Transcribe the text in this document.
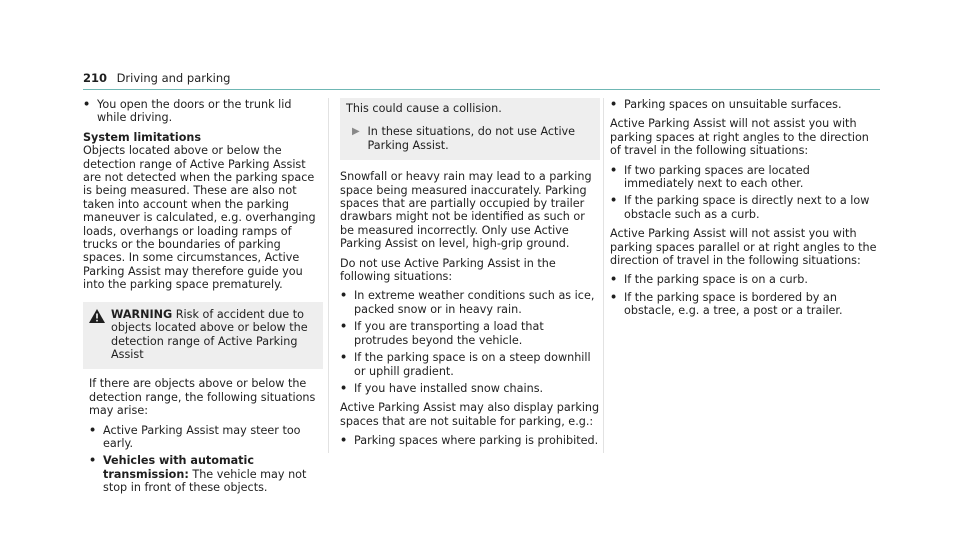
210 Driving and parking
• You open the doors or the trunk lid while driving.
System limitations

Objects located above or below the detection range of Active Parking Assist are not detected when the parking space is being measured. These are also not taken into account when the parking maneuver is calculated, e.g. overhanging loads, overhangs or loading ramps of trucks or the boundaries of parking spaces. In some circumstances, Active Parking Assist may therefore guide you into the parking space prematurely.

WARNING Risk of accident due to objects located above or below the detection range of Active Parking Assist

If there are objects above or below the detection range, the following situations may arise:

• Active Parking Assist may steer too early.
• Vehicles with automatic transmission: The vehicle may not stop in front of these objects.
This could cause a collision.
▶ In these situations, do not use Active Parking Assist.

Snowfall or heavy rain may lead to a parking space being measured inaccurately. Parking spaces that are partially occupied by trailer drawbars might not be identified as such or be measured incorrectly. Only use Active Parking Assist on level, high-grip ground.

Do not use Active Parking Assist in the following situations:

• In extreme weather conditions such as ice, packed snow or in heavy rain.
• If you are transporting a load that protrudes beyond the vehicle.
• If the parking space is on a steep downhill or uphill gradient.
• If you have installed snow chains.

Active Parking Assist may also display parking spaces that are not suitable for parking, e.g.:

• Parking spaces where parking is prohibited.
• Parking spaces on unsuitable surfaces.

Active Parking Assist will not assist you with parking spaces at right angles to the direction of travel in the following situations:

• If two parking spaces are located immediately next to each other.
• If the parking space is directly next to a low obstacle such as a curb.

Active Parking Assist will not assist you with parking spaces parallel or at right angles to the direction of travel in the following situations:

• If the parking space is on a curb.
• If the parking space is bordered by an obstacle, e.g. a tree, a post or a trailer.
